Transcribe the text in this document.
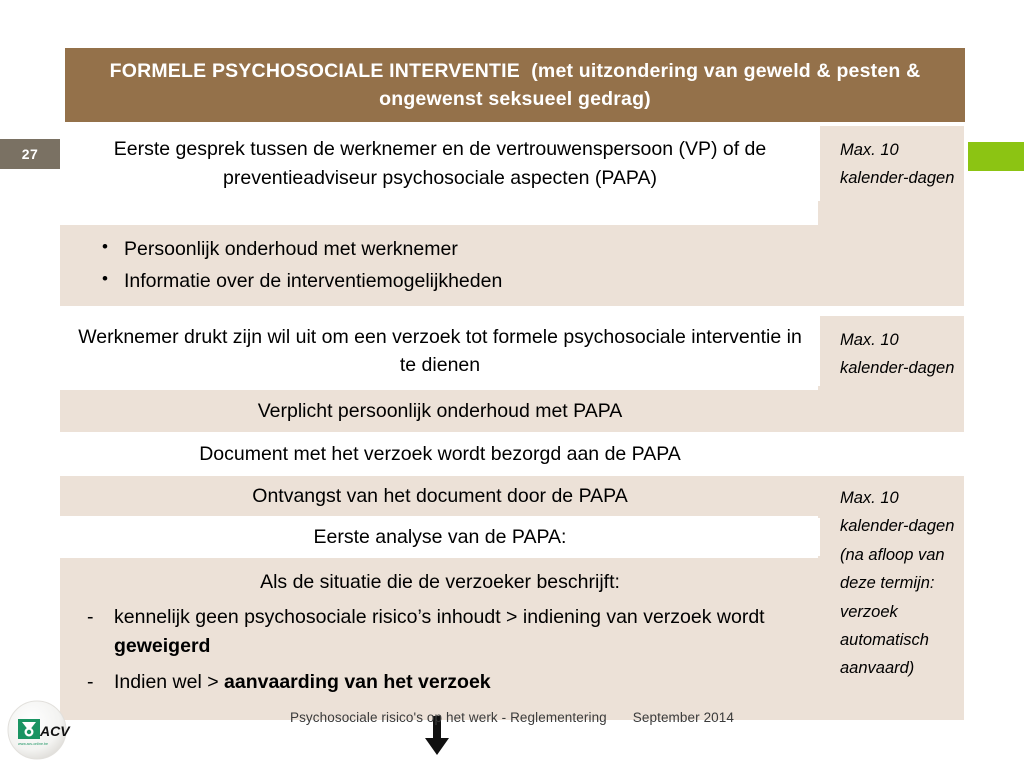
27
FORMELE PSYCHOSOCIALE INTERVENTIE (met uitzondering van geweld & pesten & ongewenst seksueel gedrag)
Max. 10 kalender-dagen
Max. 10 kalender-dagen
Max. 10 kalender-dagen (na afloop van deze termijn: verzoek automatisch aanvaard)
Eerste gesprek tussen de werknemer en de vertrouwenspersoon (VP) of de preventieadviseur psychosociale aspecten (PAPA)
• Persoonlijk onderhoud met werknemer
• Informatie over de interventiemogelijkheden
Werknemer drukt zijn wil uit om een verzoek tot formele psychosociale interventie in te dienen
Verplicht persoonlijk onderhoud met PAPA
Document met het verzoek wordt bezorgd aan de PAPA
Ontvangst van het document door de PAPA
Eerste analyse van de PAPA:
Als de situatie die de verzoeker beschrijft:
- kennelijk geen psychosociale risico’s inhoudt > indiening van verzoek wordt geweigerd
- Indien wel > aanvaarding van het verzoek
Psychosociale risico's op het werk - Reglementering September 2014
ACV
www.acv-online.be
